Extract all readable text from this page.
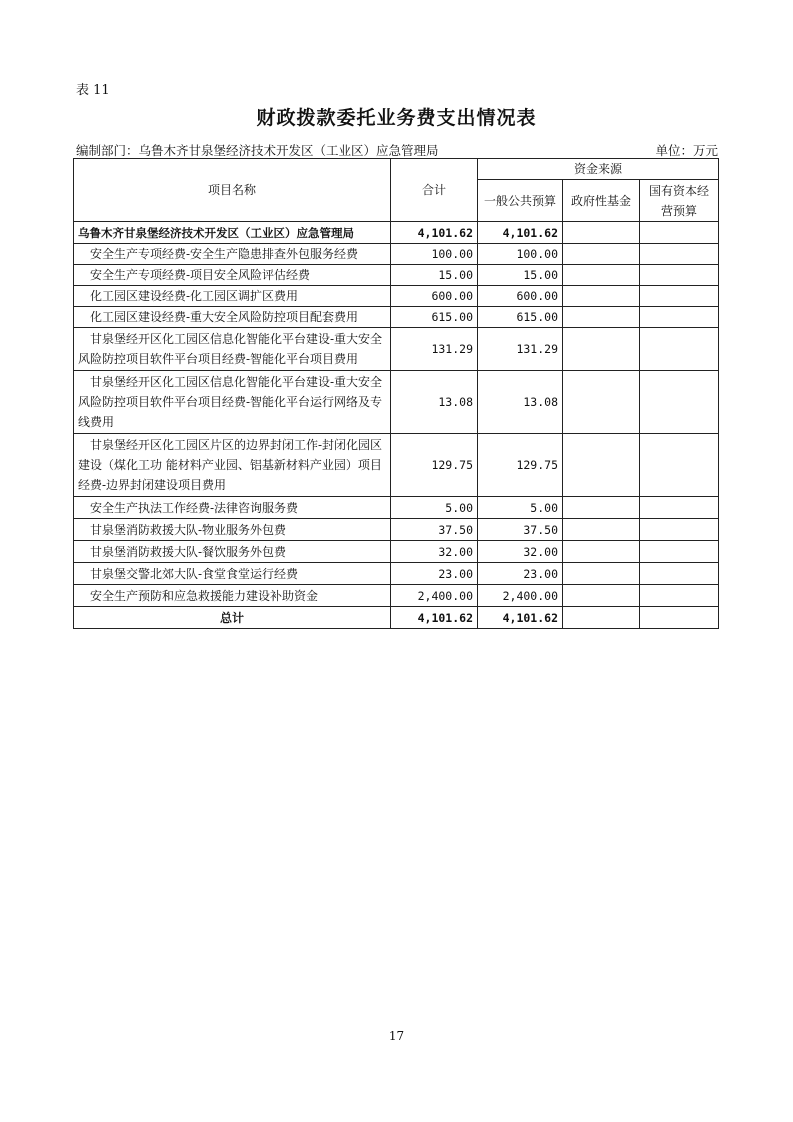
表 11
财政拨款委托业务费支出情况表
编制部门：乌鲁木齐甘泉堡经济技术开发区（工业区）应急管理局	单位：万元
项目名称	合计	资金来源		
		一般公共预算	政府性基金	国有资本经营预算
乌鲁木齐甘泉堡经济技术开发区（工业区）应急管理局	4,101.62	4,101.62		
安全生产专项经费-安全生产隐患排查外包服务经费	100.00	100.00		
安全生产专项经费-项目安全风险评估经费	15.00	15.00		
化工园区建设经费-化工园区调扩区费用	600.00	600.00		
化工园区建设经费-重大安全风险防控项目配套费用	615.00	615.00		
甘泉堡经开区化工园区信息化智能化平台建设-重大安全风险防控项目软件平台项目经费-智能化平台项目费用	131.29	131.29		
甘泉堡经开区化工园区信息化智能化平台建设-重大安全风险防控项目软件平台项目经费-智能化平台运行网络及专线费用	13.08	13.08		
甘泉堡经开区化工园区片区的边界封闭工作-封闭化园区建设（煤化工功 能材料产业园、铝基新材料产业园）项目经费-边界封闭建设项目费用	129.75	129.75		
安全生产执法工作经费-法律咨询服务费	5.00	5.00		
甘泉堡消防救援大队-物业服务外包费	37.50	37.50		
甘泉堡消防救援大队-餐饮服务外包费	32.00	32.00		
甘泉堡交警北郊大队-食堂食堂运行经费	23.00	23.00		
安全生产预防和应急救援能力建设补助资金	2,400.00	2,400.00		
总计	4,101.62	4,101.62		
17
